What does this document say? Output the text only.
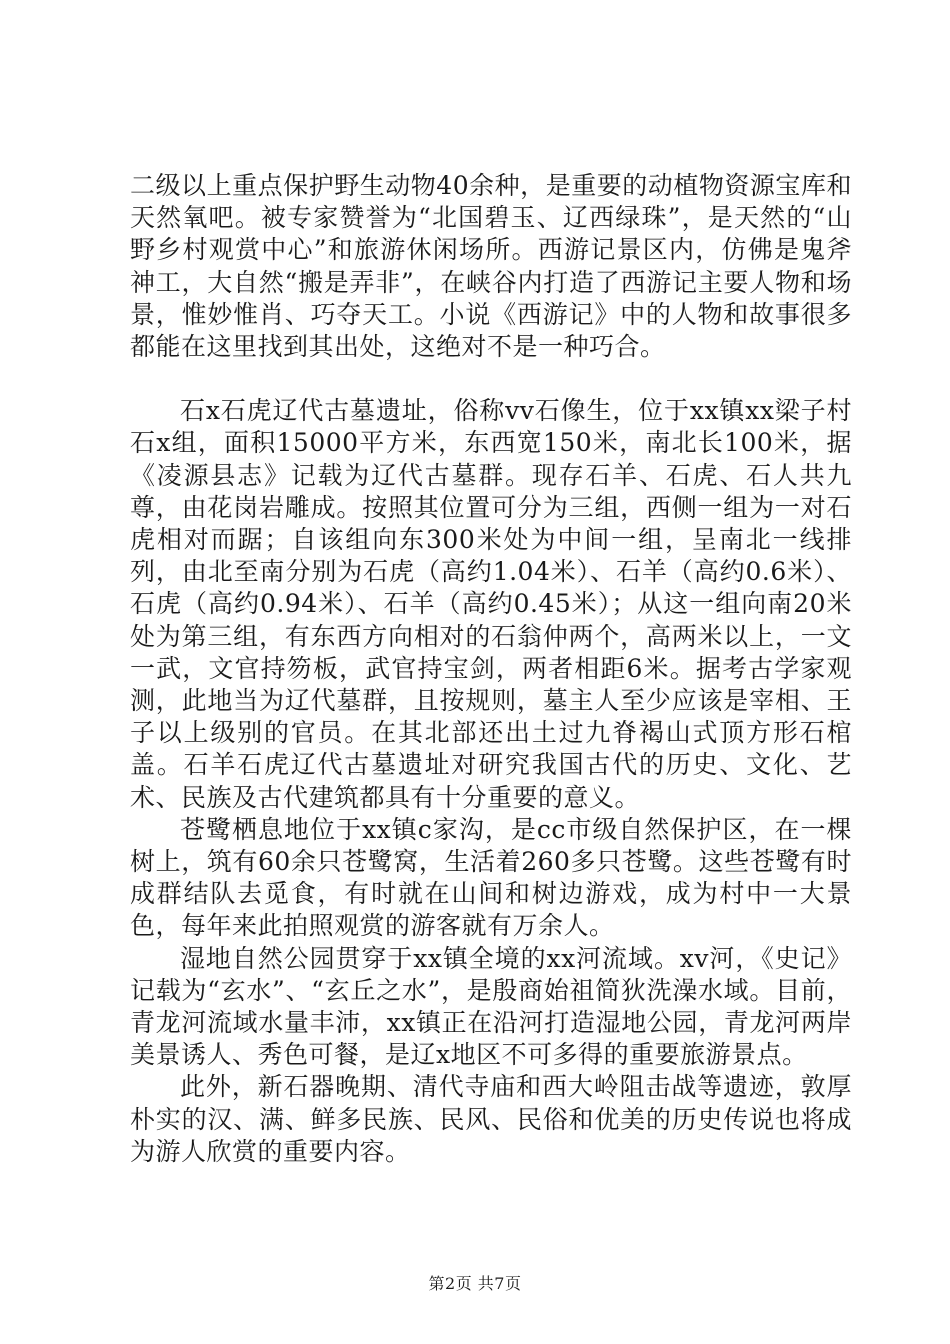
二级以上重点保护野生动物40余种，是重要的动植物资源宝库和天然氧吧。被专家赞誉为“北国碧玉、辽西绿珠”，是天然的“山野乡村观赏中心”和旅游休闲场所。西游记景区内，仿佛是鬼斧神工，大自然“搬是弄非”，在峡谷内打造了西游记主要人物和场景，惟妙惟肖、巧夺天工。小说《西游记》中的人物和故事很多都能在这里找到其出处，这绝对不是一种巧合。

石x石虎辽代古墓遗址，俗称vv石像生，位于xx镇xx梁子村石x组，面积15000平方米，东西宽150米，南北长100米，据《凌源县志》记载为辽代古墓群。现存石羊、石虎、石人共九尊，由花岗岩雕成。按照其位置可分为三组，西侧一组为一对石虎相对而踞；自该组向东300米处为中间一组，呈南北一线排列，由北至南分别为石虎（高约1.04米）、石羊（高约0.6米）、石虎（高约0.94米）、石羊（高约0.45米）；从这一组向南20米处为第三组，有东西方向相对的石翁仲两个，高两米以上，一文一武，文官持笏板，武官持宝剑，两者相距6米。据考古学家观测，此地当为辽代墓群，且按规则，墓主人至少应该是宰相、王子以上级别的官员。在其北部还出土过九脊褐山式顶方形石棺盖。石羊石虎辽代古墓遗址对研究我国古代的历史、文化、艺术、民族及古代建筑都具有十分重要的意义。

苍鹭栖息地位于xx镇c家沟，是cc市级自然保护区，在一棵树上，筑有60余只苍鹭窝，生活着260多只苍鹭。这些苍鹭有时成群结队去觅食，有时就在山间和树边游戏，成为村中一大景色，每年来此拍照观赏的游客就有万余人。

湿地自然公园贯穿于xx镇全境的xx河流域。xv河，《史记》记载为“玄水”、“玄丘之水”，是殷商始祖简狄洗澡水域。目前，青龙河流域水量丰沛，xx镇正在沿河打造湿地公园，青龙河两岸美景诱人、秀色可餐，是辽x地区不可多得的重要旅游景点。

此外，新石器晚期、清代寺庙和西大岭阻击战等遗迹，敦厚朴实的汉、满、鲜多民族、民风、民俗和优美的历史传说也将成为游人欣赏的重要内容。

第2页 共7页
